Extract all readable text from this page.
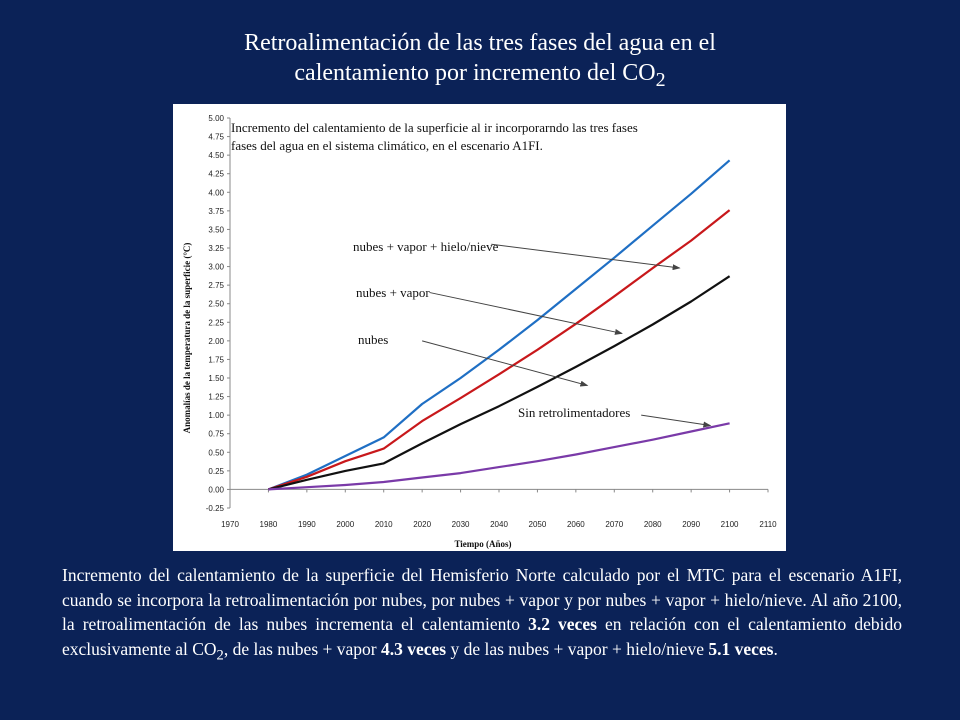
Retroalimentación de las tres fases del agua en el
calentamiento por incremento del $CO_2$
-0.25
0.00
0.25
0.50
0.75
1.00
1.25
1.50
1.75
2.00
2.25
2.50
2.75
3.00
3.25
3.50
3.75
4.00
4.25
4.50
4.75
5.00
1970	1980	1990	2000	2010	2020	2030	2040	2050	2060	2070	2080	2090	2100	2110
Incremento del calentamiento de la superficie al ir incorporarndo las tres fases
fases del agua en el sistema climático, en el escenario A1FI.
Tiempo (Años)
Anomalías de la temperatura de la superficie (°C)	nubes + vapor + hielo/nieve
nubes + vapor
nubes
Sin retrolimentadores
Incremento del calentamiento de la superficie del Hemisferio Norte calculado por el MTC para el escenario A1FI, cuando se incorpora la retroalimentación por nubes, por nubes + vapor y por nubes + vapor + hielo/nieve. Al año 2100, la retroalimentación de las nubes incrementa el calentamiento 3.2 veces en relación con el calentamiento debido exclusivamente al $CO_2$, de las nubes + vapor 4.3 veces y de las nubes + vapor + hielo/nieve 5.1 veces.
